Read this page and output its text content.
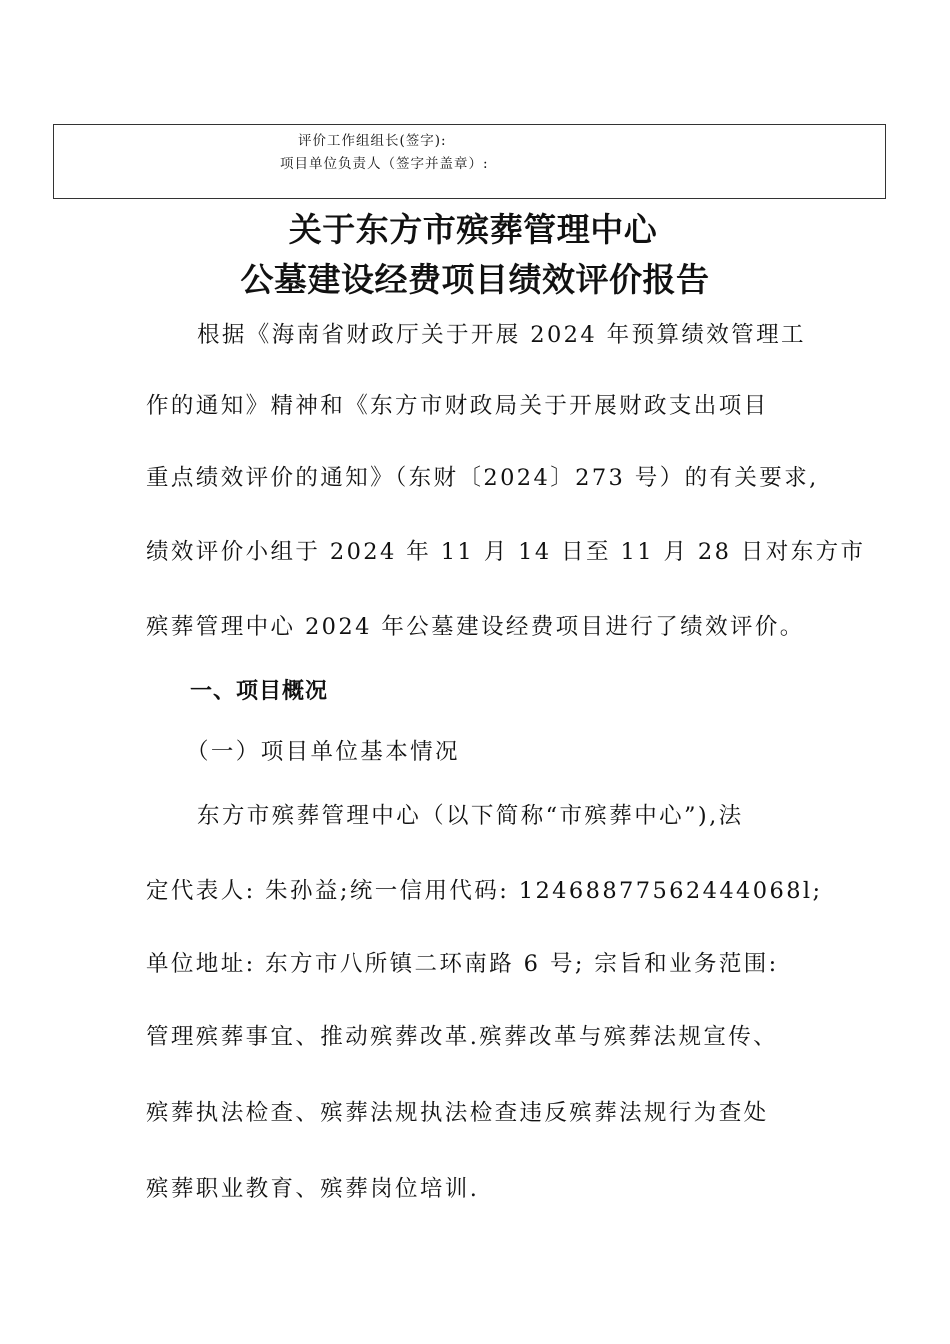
评价工作组组长(签字):
项目单位负责人（签字并盖章）:
关于东方市殡葬管理中心
公墓建设经费项目绩效评价报告
根据《海南省财政厅关于开展 2024 年预算绩效管理工
作的通知》精神和《东方市财政局关于开展财政支出项目
重点绩效评价的通知》（东财〔2024〕273 号）的有关要求,
绩效评价小组于 2024 年 11 月 14 日至 11 月 28 日对东方市
殡葬管理中心 2024 年公墓建设经费项目进行了绩效评价。
一、项目概况
（一）项目单位基本情况
东方市殡葬管理中心（以下简称“市殡葬中心”),法
定代表人: 朱孙益;统一信用代码: 12468877562444068l;
单位地址: 东方市八所镇二环南路 6 号; 宗旨和业务范围:
管理殡葬事宜、推动殡葬改革.殡葬改革与殡葬法规宣传、
殡葬执法检查、殡葬法规执法检查违反殡葬法规行为查处
殡葬职业教育、殡葬岗位培训.
